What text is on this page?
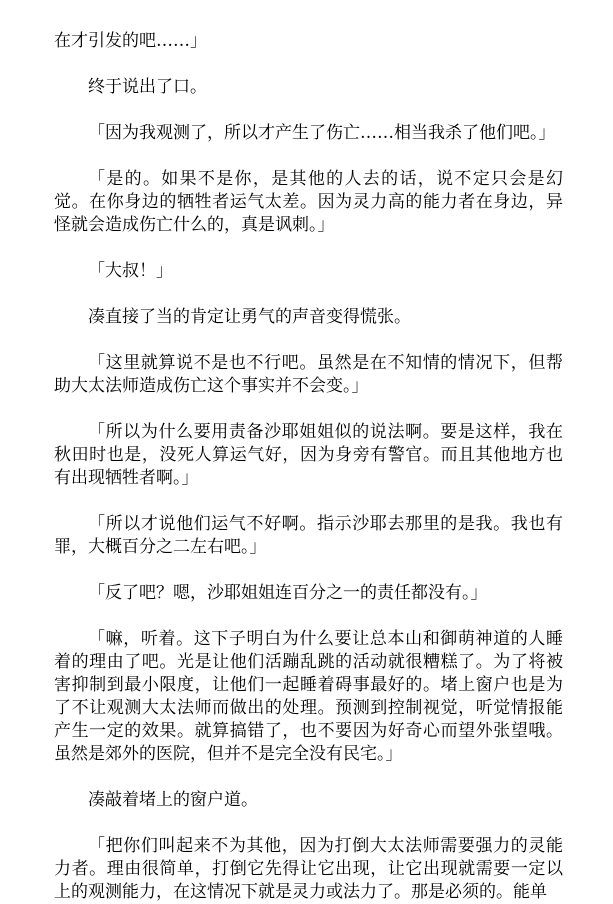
在才引发的吧……」

终于说出了口。

「因为我观测了，所以才产生了伤亡……相当我杀了他们吧。」

「是的。如果不是你，是其他的人去的话，说不定只会是幻觉。在你身边的牺牲者运气太差。因为灵力高的能力者在身边，异怪就会造成伤亡什么的，真是讽刺。」

「大叔！」

凑直接了当的肯定让勇气的声音变得慌张。

「这里就算说不是也不行吧。虽然是在不知情的情况下，但帮助大太法师造成伤亡这个事实并不会变。」

「所以为什么要用责备沙耶姐姐似的说法啊。要是这样，我在秋田时也是，没死人算运气好，因为身旁有警官。而且其他地方也有出现牺牲者啊。」

「所以才说他们运气不好啊。指示沙耶去那里的是我。我也有罪，大概百分之二左右吧。」

「反了吧？嗯，沙耶姐姐连百分之一的责任都没有。」

「嘛，听着。这下子明白为什么要让总本山和御萌神道的人睡着的理由了吧。光是让他们活蹦乱跳的活动就很糟糕了。为了将被害抑制到最小限度，让他们一起睡着碍事最好的。堵上窗户也是为了不让观测大太法师而做出的处理。预测到控制视觉，听觉情报能产生一定的效果。就算搞错了，也不要因为好奇心而望外张望哦。虽然是郊外的医院，但并不是完全没有民宅。」

凑敲着堵上的窗户道。

「把你们叫起来不为其他，因为打倒大太法师需要强力的灵能力者。理由很简单，打倒它先得让它出现，让它出现就需要一定以上的观测能力，在这情况下就是灵力或法力了。那是必须的。能单
